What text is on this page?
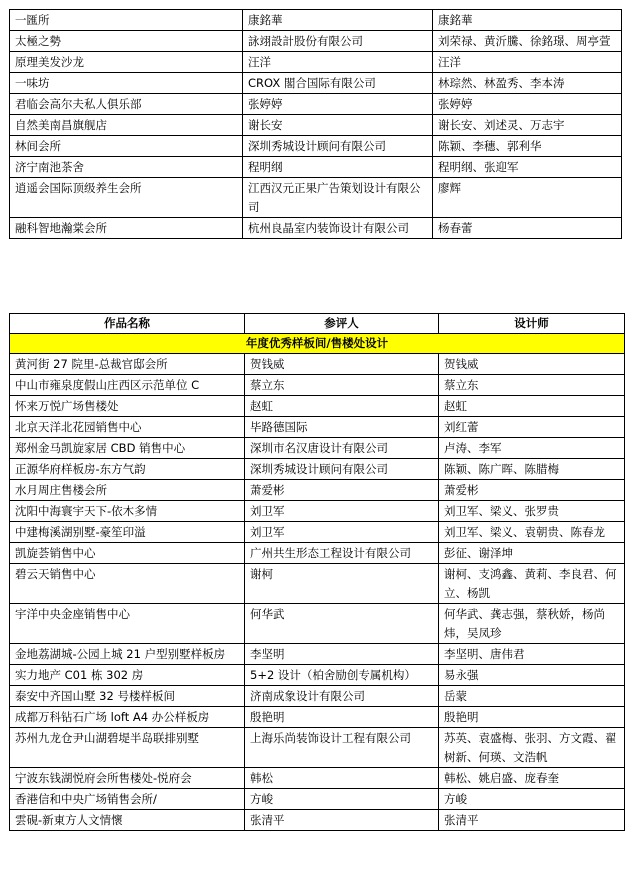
一匯所	康銘華	康銘華
太極之勢	詠翊設計股份有限公司	刘荣禄、黄沂騰、徐銘璟、周亭萱
原理美发沙龙	汪洋	汪洋
一味坊	CROX 閣合国际有限公司	林琮然、林盈秀、李本涛
君临会高尔夫私人俱乐部	张婷婷	张婷婷
自然美南昌旗舰店	谢长安	谢长安、刘述灵、万志宇
林间会所	深圳秀城设计顾问有限公司	陈颖、李穗、郭利华
济宁南池茶舍	程明纲	程明纲、张迎军
逍遥会国际顶级养生会所	江西汉元正果广告策划设计有限公司	廖辉
融科智地瀚棠会所	杭州良晶室内装饰设计有限公司	杨春蕾
作品名称	参评人	设计师
年度优秀样板间/售楼处设计		
黄河街 27 院里-总裁官邸会所	贺钱威	贺钱威
中山市雍泉度假山庄西区示范单位 C	蔡立东	蔡立东
怀来万悦广场售楼处	赵虹	赵虹
北京天洋北花园销售中心	毕路德国际	刘红蕾
郑州金马凯旋家居 CBD 销售中心	深圳市名汉唐设计有限公司	卢涛、李军
正源华府样板房-东方气韵	深圳秀城设计顾问有限公司	陈颖、陈广晖、陈腊梅
水月周庄售楼会所	萧爱彬	萧爱彬
沈阳中海寰宇天下-依木多情	刘卫军	刘卫军、梁义、张罗贵
中建梅溪湖别墅-豪笙印溢	刘卫军	刘卫军、梁义、袁朝贵、陈春龙
凯旋荟销售中心	广州共生形态工程设计有限公司	彭征、谢泽坤
碧云天销售中心	谢柯	谢柯、支鸿鑫、黄莉、李良君、何立、杨凯
宇洋中央金座销售中心	何华武	何华武、龚志强，蔡秋娇，杨尚炜，吴凤珍
金地荔湖城-公园上城 21 户型别墅样板房	李坚明	李坚明、唐伟君
实力地产 C01 栋 302 房	5+2 设计（柏舍励创专属机构）	易永强
泰安中齐国山墅 32 号楼样板间	济南成象设计有限公司	岳蒙
成都万科钻石广场 loft A4 办公样板房	殷艳明	殷艳明
苏州九龙仓尹山湖碧堤半岛联排别墅	上海乐尚装饰设计工程有限公司	苏英、袁盛梅、张羽、方文霞、翟树新、何瑛、文浩帆
宁波东钱湖悦府会所售楼处-悦府会	韩松	韩松、姚启盛、庞春奎
香港信和中央广场销售会所/	方峻	方峻
雲硯-新東方人文情懷	张清平	张清平
